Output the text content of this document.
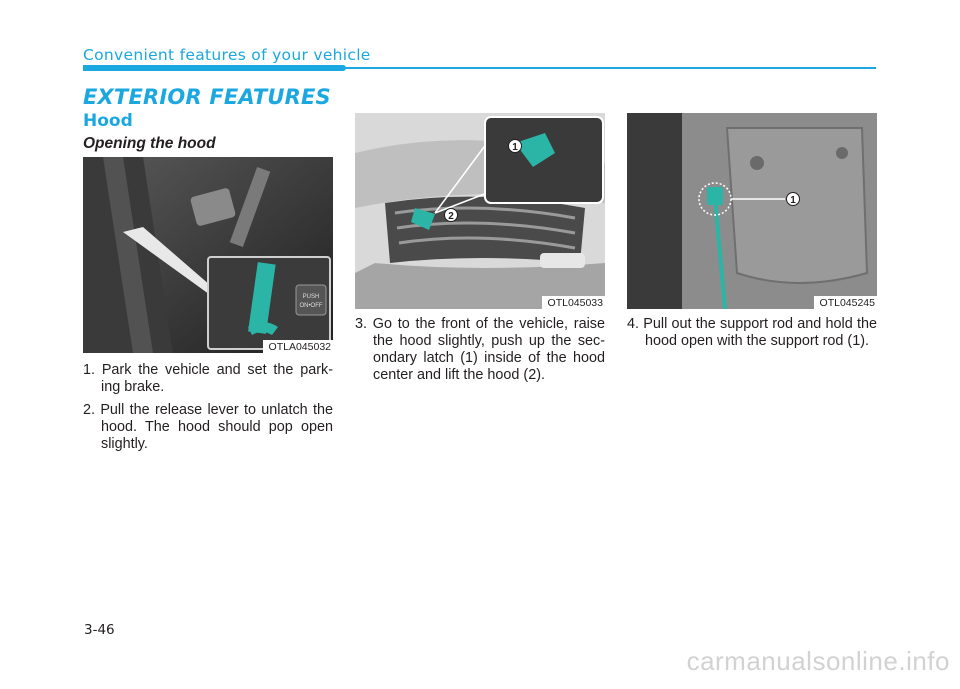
Convenient features of your vehicle
EXTERIOR FEATURES
Hood
Opening the hood
PUSH
ON•OFF
OTLA045032
2
1
OTL045033
1
OTL045245
1. Park the vehicle and set the park- ing brake.
2. Pull the release lever to unlatch the hood. The hood should pop open slightly.
3. Go to the front of the vehicle, raise the hood slightly, push up the sec- ondary latch (1) inside of the hood center and lift the hood (2).
4. Pull out the support rod and hold the hood open with the support rod (1).
3-46
carmanualsonline.info
